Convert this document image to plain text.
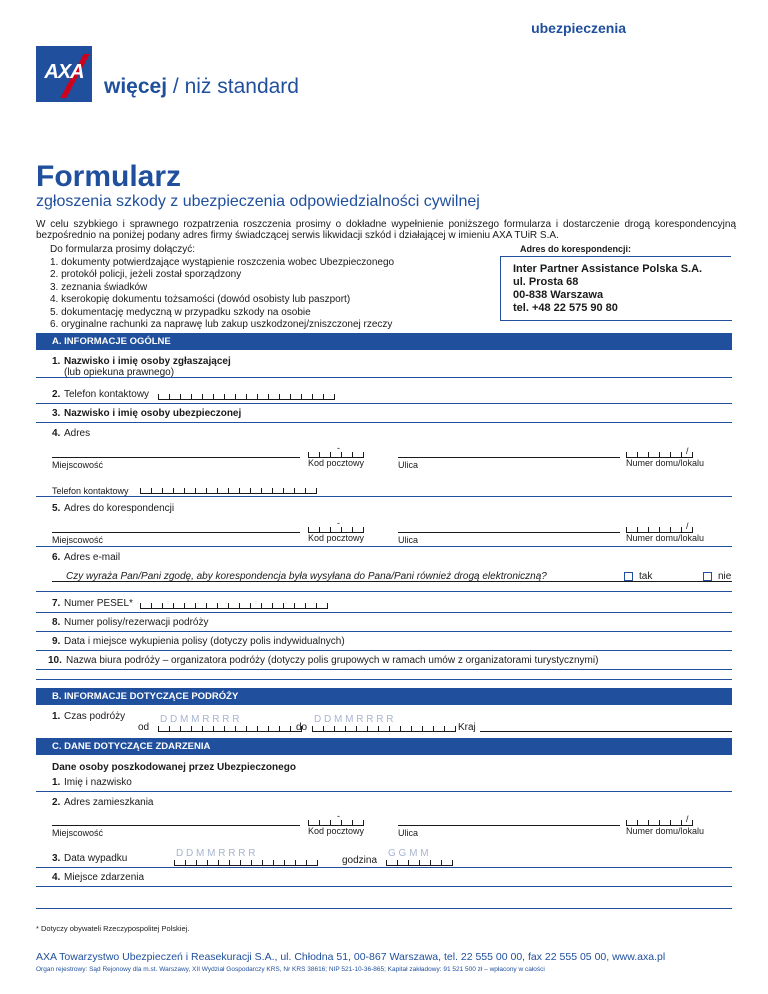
ubezpieczenia
AXA
więcej / niż standard
Formularz
zgłoszenia szkody z ubezpieczenia odpowiedzialności cywilnej
W celu szybkiego i sprawnego rozpatrzenia roszczenia prosimy o dokładne wypełnienie poniższego formularza i dostarczenie drogą korespondencyjną bezpośrednio na poniżej podany adres firmy świadczącej serwis likwidacji szkód i działającej w imieniu AXA TUiR S.A.
Do formularza prosimy dołączyć:
1. dokumenty potwierdzające wystąpienie roszczenia wobec Ubezpieczonego
2. protokół policji, jeżeli został sporządzony
3. zeznania świadków
4. kserokopię dokumentu tożsamości (dowód osobisty lub paszport)
5. dokumentację medyczną w przypadku szkody na osobie
6. oryginalne rachunki za naprawę lub zakup uszkodzonej/zniszczonej rzeczy
Adres do korespondencji:
Inter Partner Assistance Polska S.A.
ul. Prosta 68
00-838 Warszawa
tel. +48 22 575 90 80
A. INFORMACJE OGÓLNE
1. Nazwisko i imię osoby zgłaszającej
(lub opiekuna prawnego)
2. Telefon kontaktowy
3. Nazwisko i imię osoby ubezpieczonej
4. Adres
Miejscowość	Kod pocztowy	Ulica	Numer domu/lokalu
Telefon kontaktowy
5. Adres do korespondencji
Miejscowość	Kod pocztowy	Ulica	Numer domu/lokalu
6. Adres e-mail
Czy wyraża Pan/Pani zgodę, aby korespondencja była wysyłana do Pana/Pani również drogą elektroniczną?	tak	nie
7. Numer PESEL*
8. Numer polisy/rezerwacji podróży
9. Data i miejsce wykupienia polisy (dotyczy polis indywidualnych)
10. Nazwa biura podróży – organizatora podróży (dotyczy polis grupowych w ramach umów z organizatorami turystycznymi)
B. INFORMACJE DOTYCZĄCE PODRÓŻY
1. Czas podróży
od
D D M M R R R R
do
D D M M R R R R
Kraj
C. DANE DOTYCZĄCE ZDARZENIA
Dane osoby poszkodowanej przez Ubezpieczonego
1. Imię i nazwisko
2. Adres zamieszkania
Miejscowość	Kod pocztowy	Ulica	Numer domu/lokalu
3. Data wypadku	D D M M R R R R
godzina
G G M M
4. Miejsce zdarzenia
* Dotyczy obywateli Rzeczypospolitej Polskiej.
AXA Towarzystwo Ubezpieczeń i Reasekuracji S.A., ul. Chłodna 51, 00-867 Warszawa, tel. 22 555 00 00, fax 22 555 05 00, www.axa.pl
Organ rejestrowy: Sąd Rejonowy dla m.st. Warszawy, XII Wydział Gospodarczy KRS, Nr KRS 38616; NIP 521-10-36-865; Kapitał zakładowy: 91 521 500 zł – wpłacony w całości
-	/
-	/
-	/
